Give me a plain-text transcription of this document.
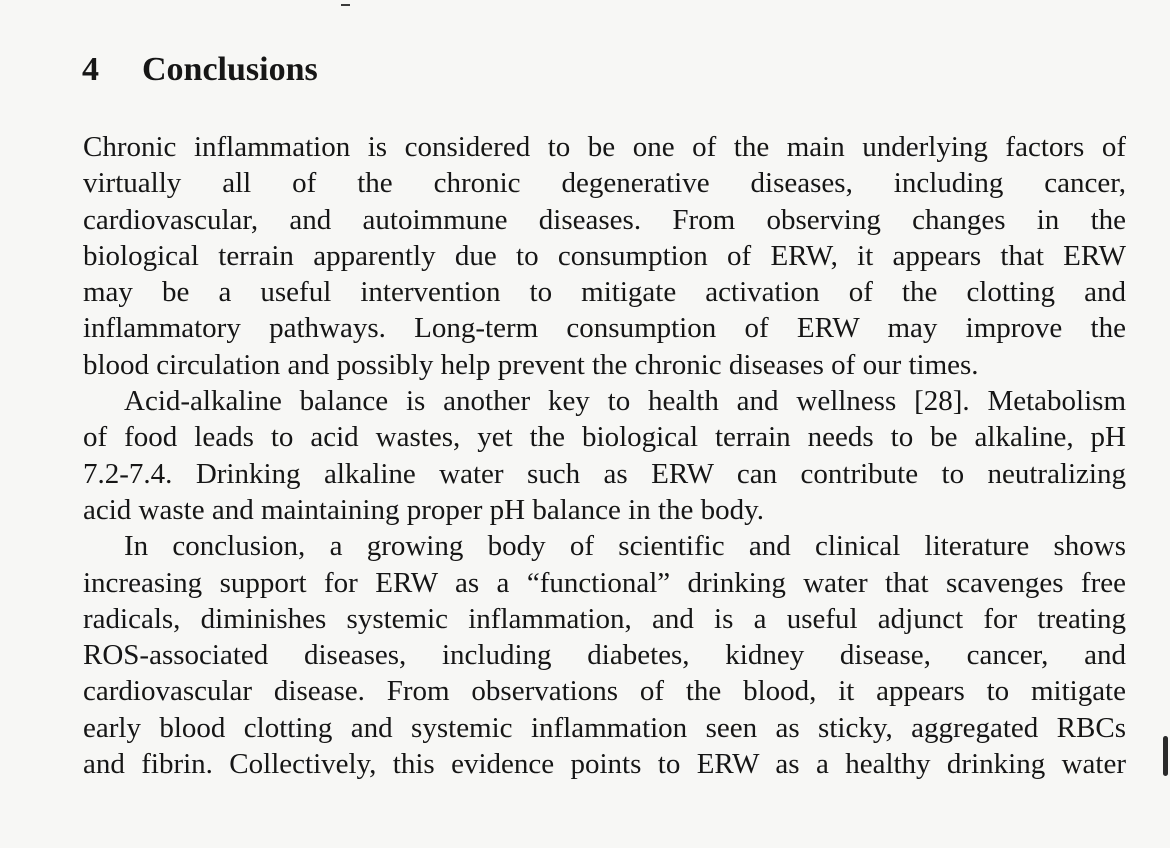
4 Conclusions
Chronic inflammation is considered to be one of the main underlying factors of
virtually all of the chronic degenerative diseases, including cancer,
cardiovascular, and autoimmune diseases. From observing changes in the
biological terrain apparently due to consumption of ERW, it appears that ERW
may be a useful intervention to mitigate activation of the clotting and
inflammatory pathways. Long-term consumption of ERW may improve the
blood circulation and possibly help prevent the chronic diseases of our times.
Acid-alkaline balance is another key to health and wellness [28]. Metabolism
of food leads to acid wastes, yet the biological terrain needs to be alkaline, pH
7.2-7.4. Drinking alkaline water such as ERW can contribute to neutralizing
acid waste and maintaining proper pH balance in the body.
In conclusion, a growing body of scientific and clinical literature shows
increasing support for ERW as a “functional” drinking water that scavenges free
radicals, diminishes systemic inflammation, and is a useful adjunct for treating
ROS-associated diseases, including diabetes, kidney disease, cancer, and
cardiovascular disease. From observations of the blood, it appears to mitigate
early blood clotting and systemic inflammation seen as sticky, aggregated RBCs
and fibrin. Collectively, this evidence points to ERW as a healthy drinking water
